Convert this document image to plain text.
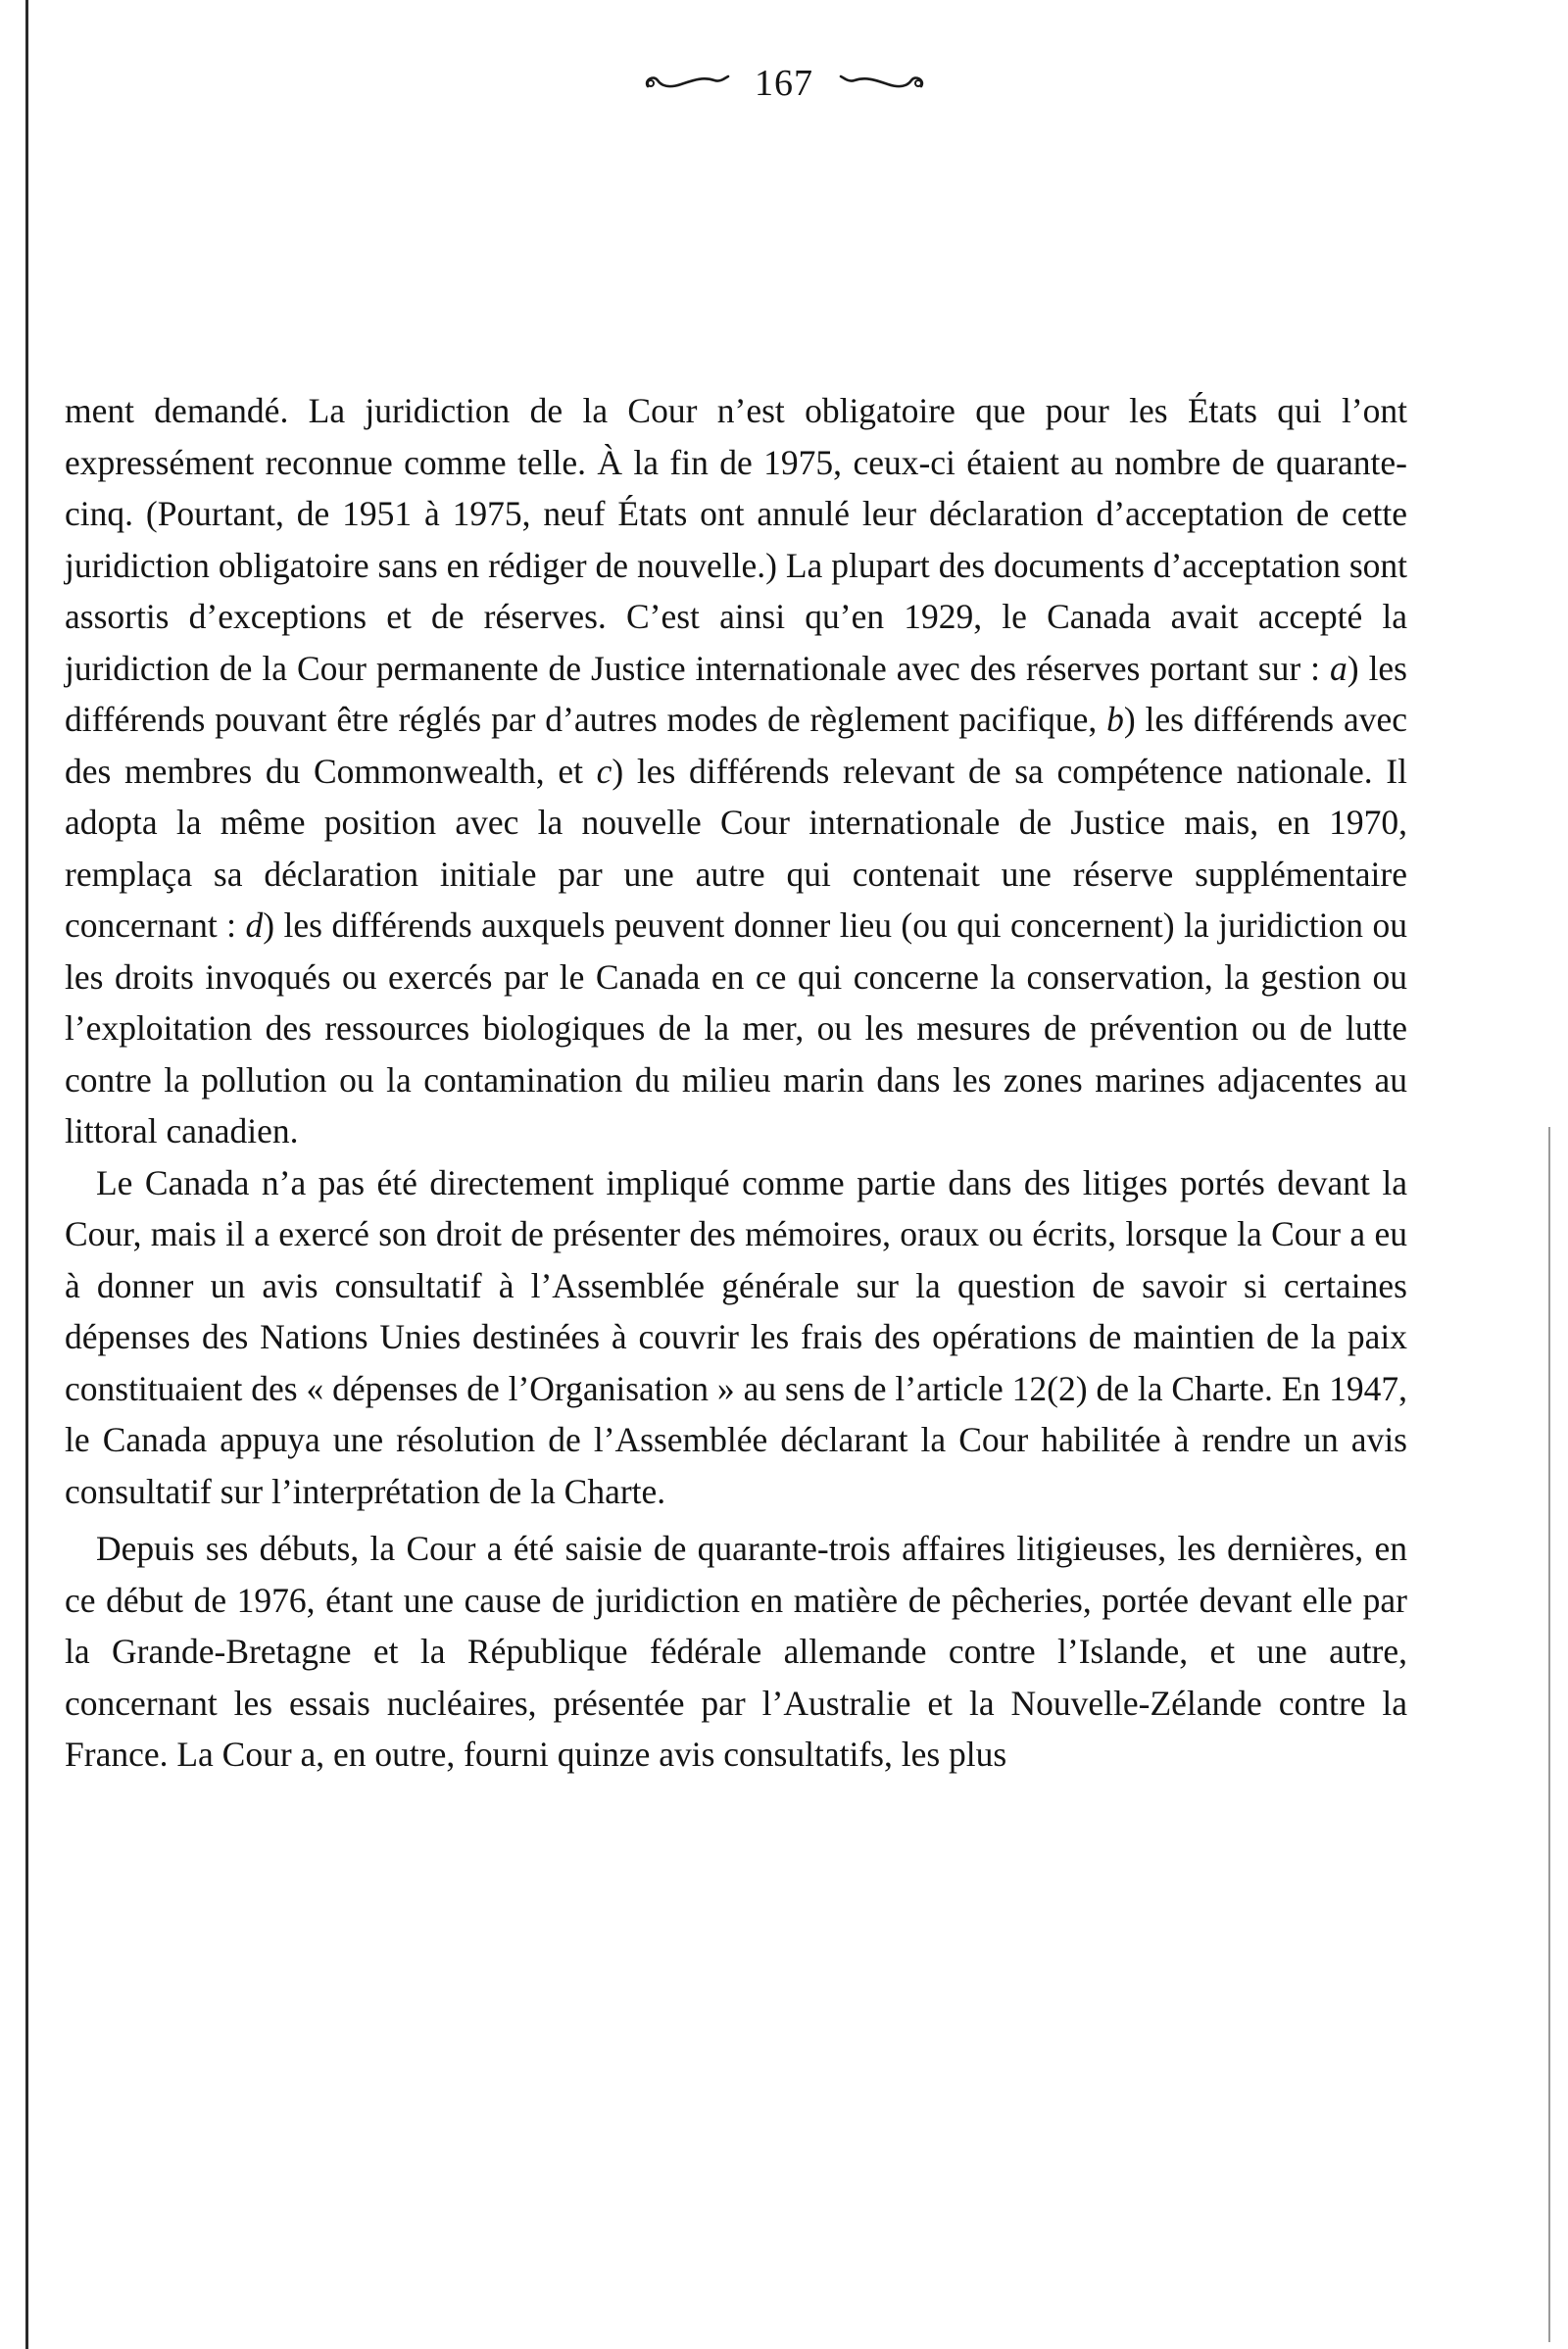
167

ment demandé. La juridiction de la Cour n’est obligatoire que pour les États qui l’ont expressément reconnue comme telle. À la fin de 1975, ceux-ci étaient au nombre de quarante-cinq. (Pourtant, de 1951 à 1975, neuf États ont annulé leur déclaration d’acceptation de cette juridiction obligatoire sans en rédiger de nouvelle.) La plupart des documents d’acceptation sont assortis d’exceptions et de réserves. C’est ainsi qu’en 1929, le Canada avait accepté la juridiction de la Cour permanente de Justice internationale avec des réserves portant sur : a) les différends pouvant être réglés par d’autres modes de règlement pacifique, b) les différends avec des membres du Commonwealth, et c) les différends relevant de sa compétence nationale. Il adopta la même position avec la nouvelle Cour internationale de Justice mais, en 1970, remplaça sa déclaration initiale par une autre qui contenait une réserve supplémentaire concernant : d) les différends auxquels peuvent donner lieu (ou qui concernent) la juridiction ou les droits invoqués ou exercés par le Canada en ce qui concerne la conservation, la gestion ou l’exploitation des ressources biologiques de la mer, ou les mesures de prévention ou de lutte contre la pollution ou la contamination du milieu marin dans les zones marines adjacentes au littoral canadien.

Le Canada n’a pas été directement impliqué comme partie dans des litiges portés devant la Cour, mais il a exercé son droit de présenter des mémoires, oraux ou écrits, lorsque la Cour a eu à donner un avis consultatif à l’Assemblée générale sur la question de savoir si certaines dépenses des Nations Unies destinées à couvrir les frais des opérations de maintien de la paix constituaient des « dépenses de l’Organisation » au sens de l’article 12(2) de la Charte. En 1947, le Canada appuya une résolution de l’Assemblée déclarant la Cour habilitée à rendre un avis consultatif sur l’interprétation de la Charte.

Depuis ses débuts, la Cour a été saisie de quarante-trois affaires litigieuses, les dernières, en ce début de 1976, étant une cause de juridiction en matière de pêcheries, portée devant elle par la Grande-Bretagne et la République fédérale allemande contre l’Islande, et une autre, concernant les essais nucléaires, présentée par l’Australie et la Nouvelle-Zélande contre la France. La Cour a, en outre, fourni quinze avis consultatifs, les plus
